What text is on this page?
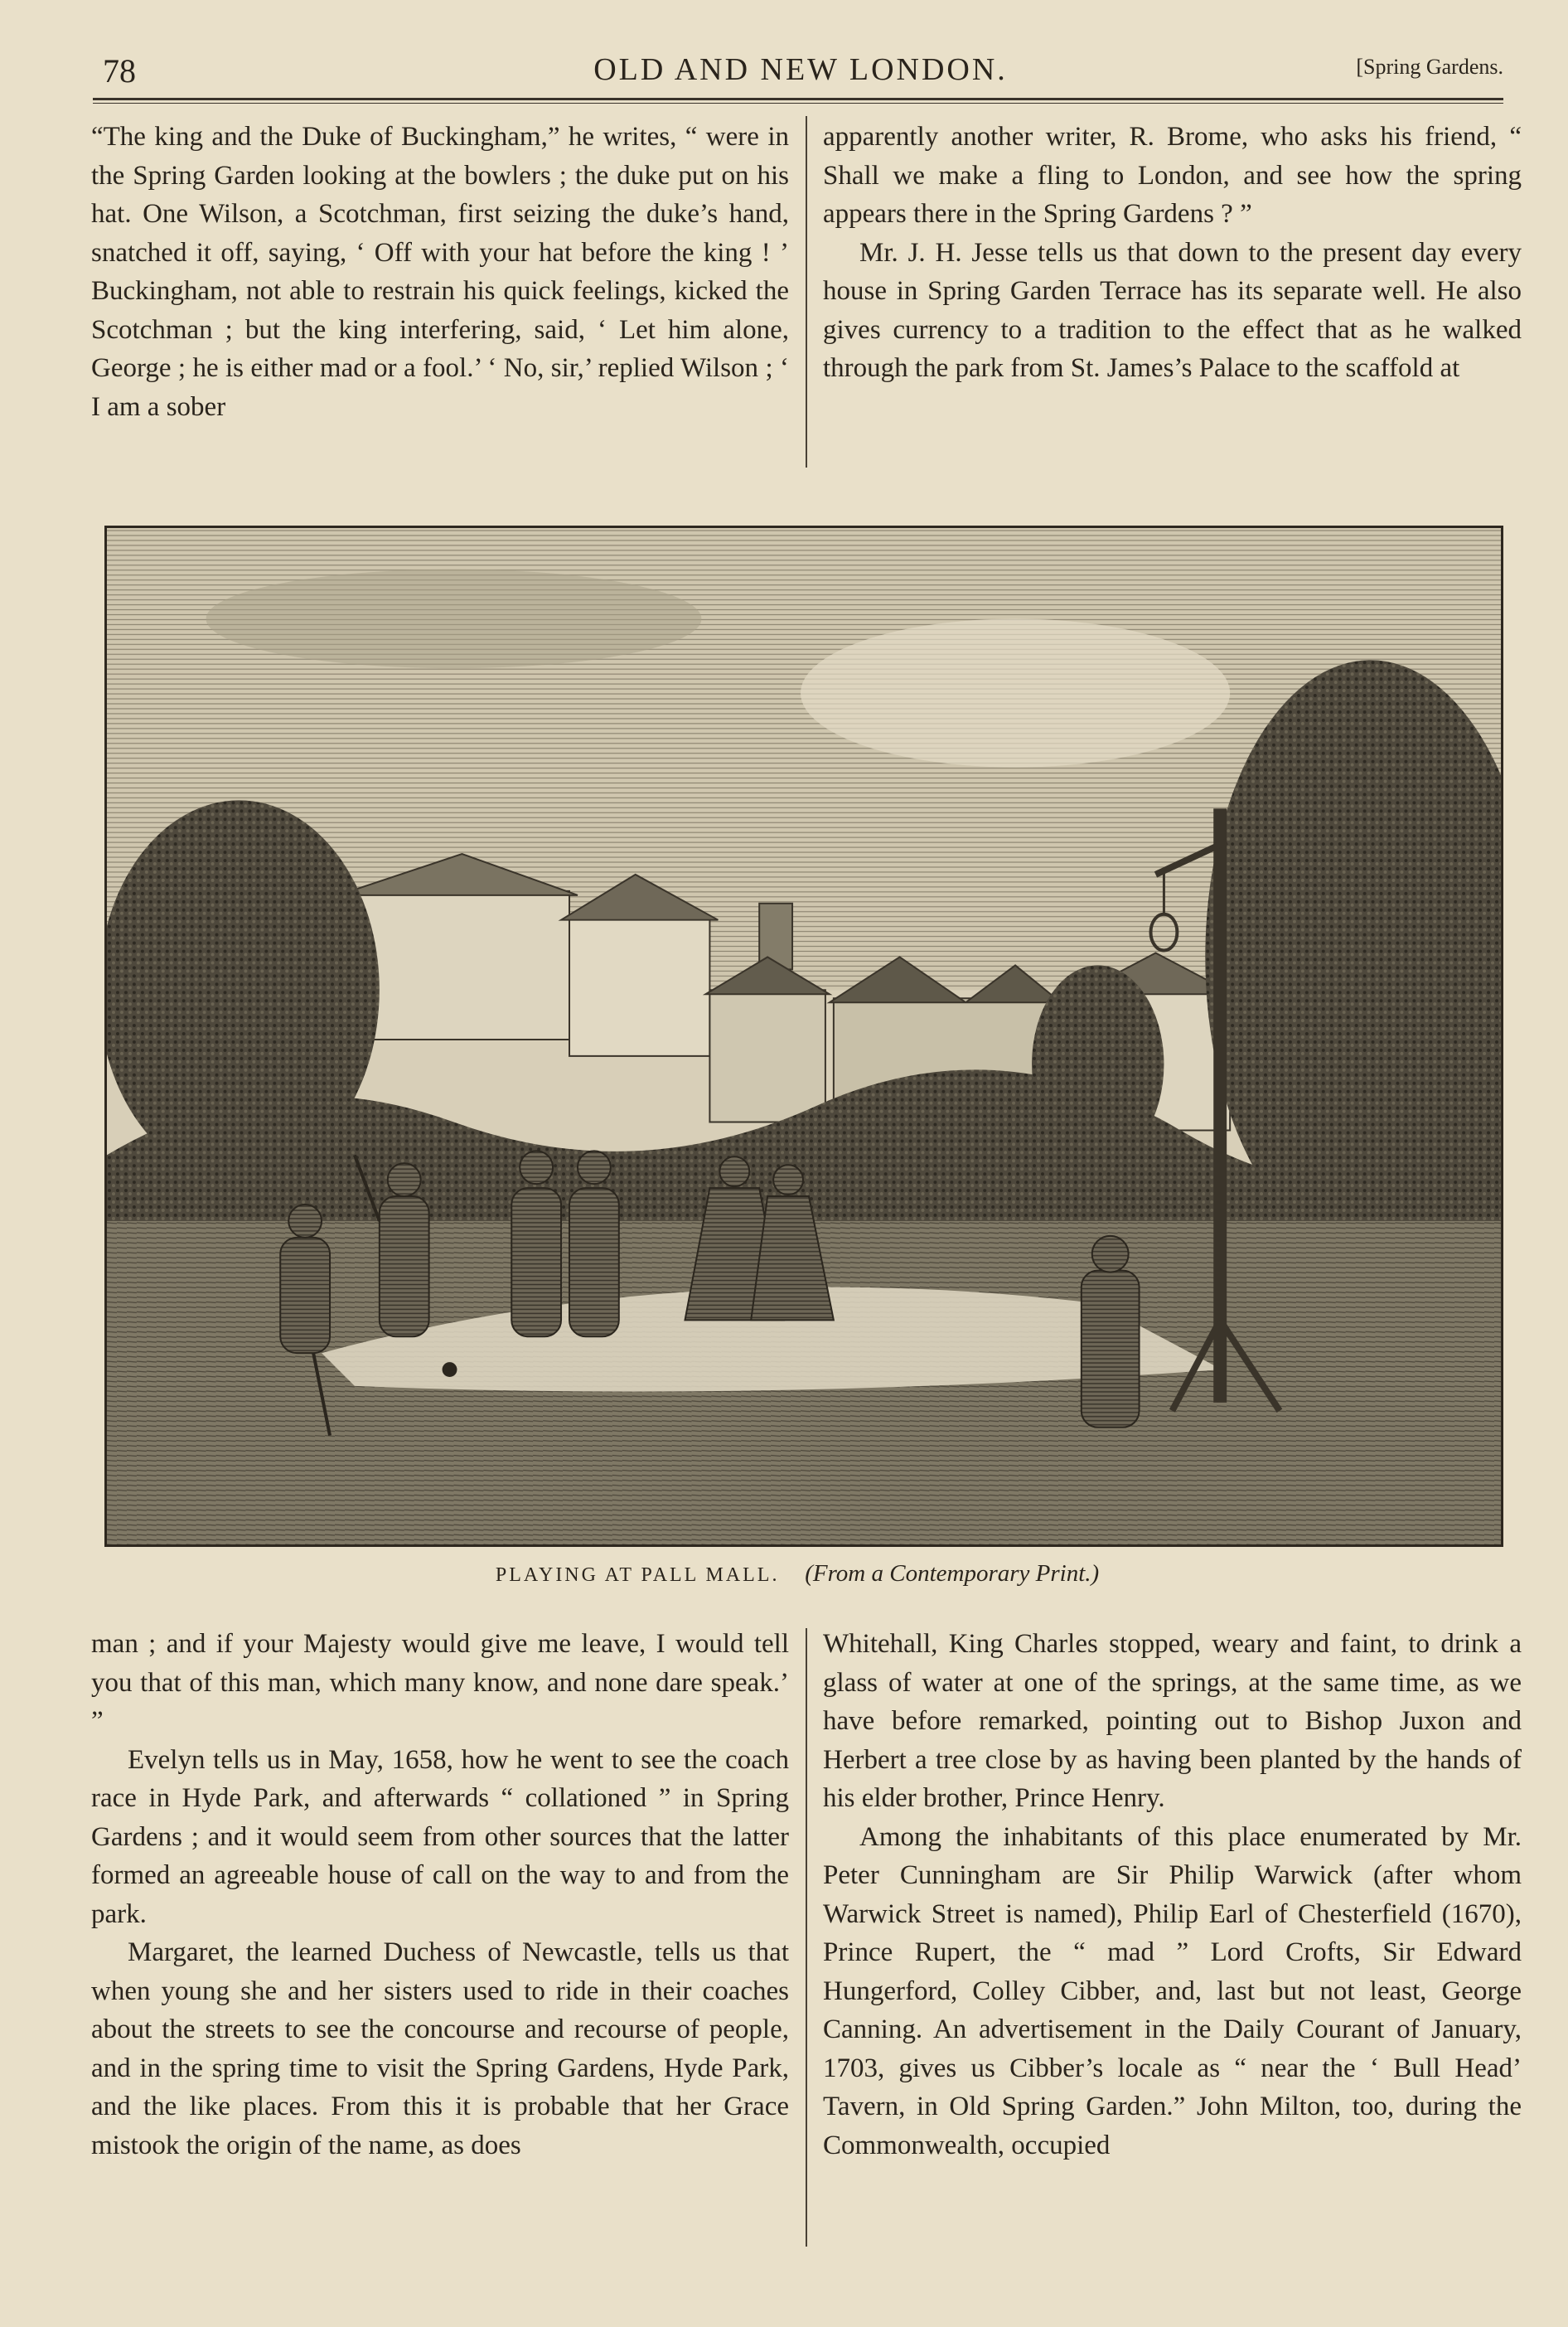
78	OLD AND NEW LONDON.	[Spring Gardens.

“The king and the Duke of Buckingham,” he writes, “ were in the Spring Garden looking at the bowlers ; the duke put on his hat. One Wilson, a Scotchman, first seizing the duke’s hand, snatched it off, saying, ‘ Off with your hat before the king ! ’ Buckingham, not able to restrain his quick feelings, kicked the Scotchman ; but the king interfering, said, ‘ Let him alone, George ; he is either mad or a fool.’ ‘ No, sir,’ replied Wilson ; ‘ I am a sober

apparently another writer, R. Brome, who asks his friend, “ Shall we make a fling to London, and see how the spring appears there in the Spring Gardens ? ”

Mr. J. H. Jesse tells us that down to the present day every house in Spring Garden Terrace has its separate well. He also gives currency to a tradition to the effect that as he walked through the park from St. James’s Palace to the scaffold at

PLAYING AT PALL MALL. (From a Contemporary Print.)

man ; and if your Majesty would give me leave, I would tell you that of this man, which many know, and none dare speak.’ ”

Evelyn tells us in May, 1658, how he went to see the coach race in Hyde Park, and afterwards “ collationed ” in Spring Gardens ; and it would seem from other sources that the latter formed an agreeable house of call on the way to and from the park.

Margaret, the learned Duchess of Newcastle, tells us that when young she and her sisters used to ride in their coaches about the streets to see the concourse and recourse of people, and in the spring time to visit the Spring Gardens, Hyde Park, and the like places. From this it is probable that her Grace mistook the origin of the name, as does

Whitehall, King Charles stopped, weary and faint, to drink a glass of water at one of the springs, at the same time, as we have before remarked, pointing out to Bishop Juxon and Herbert a tree close by as having been planted by the hands of his elder brother, Prince Henry.

Among the inhabitants of this place enumerated by Mr. Peter Cunningham are Sir Philip Warwick (after whom Warwick Street is named), Philip Earl of Chesterfield (1670), Prince Rupert, the “ mad ” Lord Crofts, Sir Edward Hungerford, Colley Cibber, and, last but not least, George Canning. An advertisement in the Daily Courant of January, 1703, gives us Cibber’s locale as “ near the ‘ Bull Head’ Tavern, in Old Spring Garden.” John Milton, too, during the Commonwealth, occupied
